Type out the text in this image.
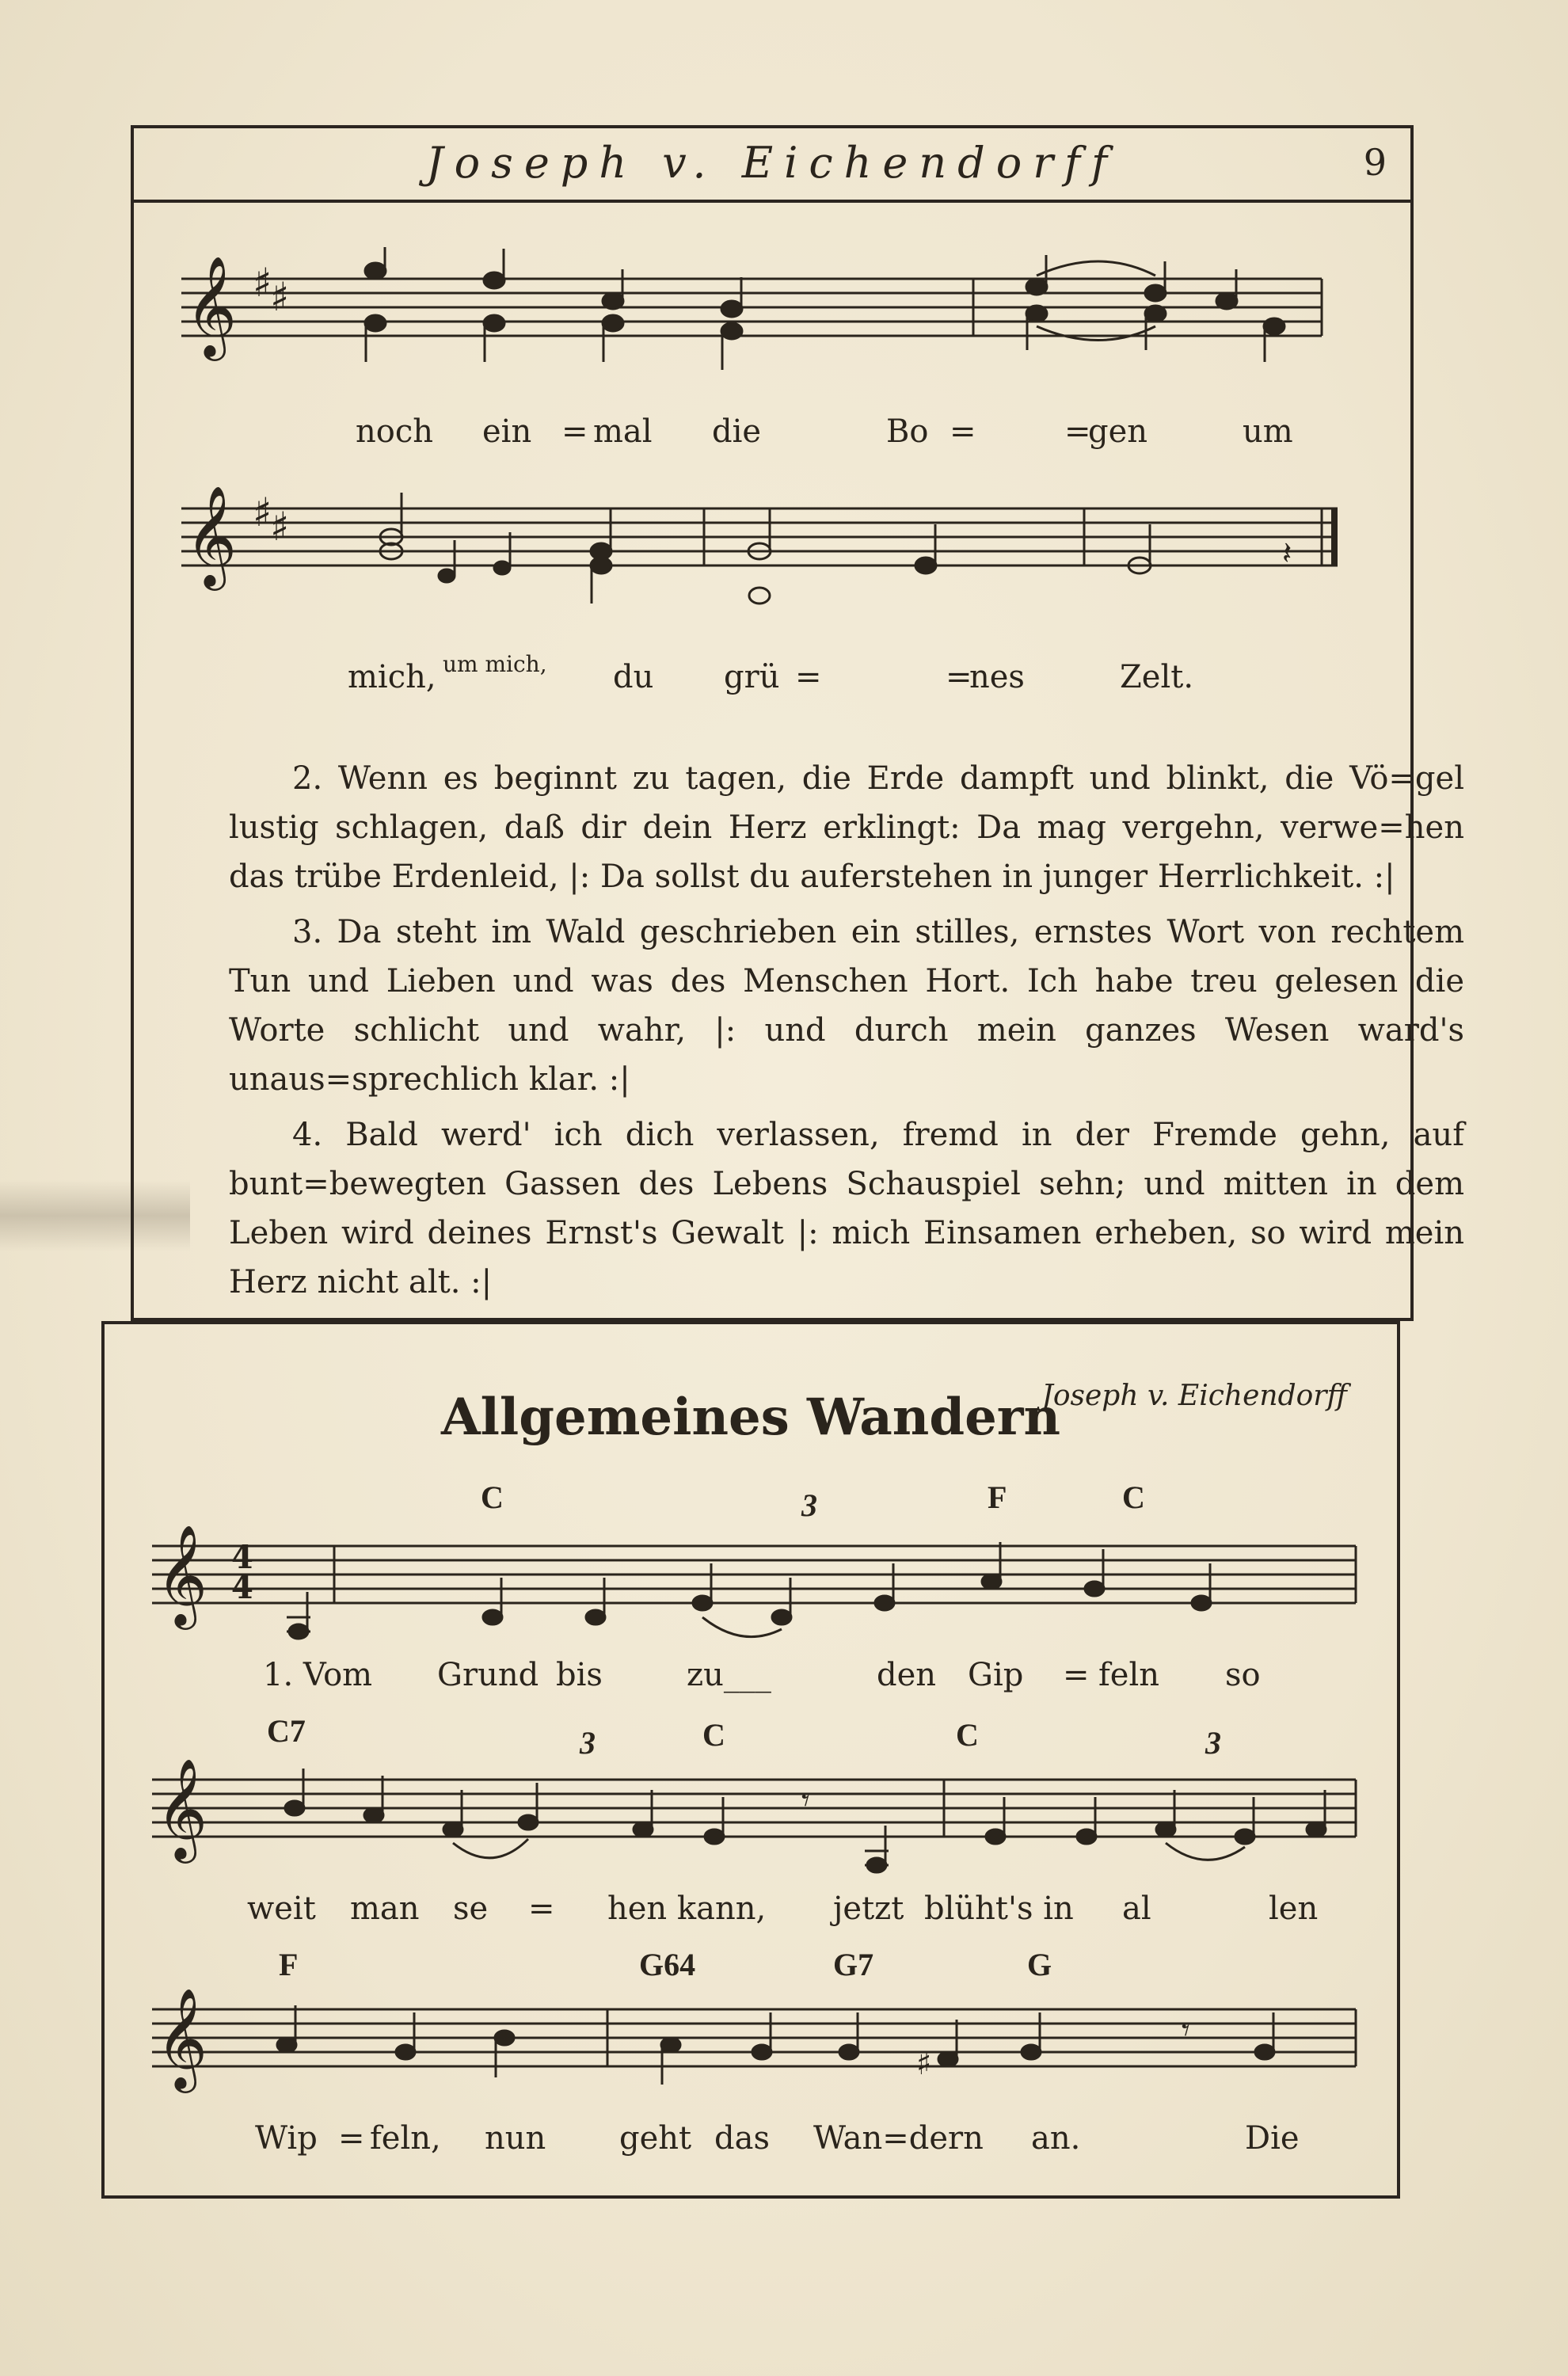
Joseph v. Eichendorff	9
𝄞 ♯
♯
noch ein = mal die	Bo =	=
gen	um
𝄞 ♯
♯
𝄽
mich, um mich, du grü =	=
nes	Zelt.

2. Wenn es beginnt zu tagen, die Erde dampft und blinkt, die Vö=gel lustig schlagen, daß dir dein Herz erklingt: Da mag vergehn, verwe=hen das trübe Erdenleid, |: Da sollst du auferstehen in junger Herrlichkeit. :|

3. Da steht im Wald geschrieben ein stilles, ernstes Wort von rechtem Tun und Lieben und was des Menschen Hort. Ich habe treu gelesen die Worte schlicht und wahr, |: und durch mein ganzes Wesen ward's unaus=sprechlich klar. :|

4. Bald werd' ich dich verlassen, fremd in der Fremde gehn, auf bunt=bewegten Gassen des Lebens Schauspiel sehn; und mitten in dem Leben wird deines Ernst's Gewalt |: mich Einsamen erheben, so wird mein Herz nicht alt. :|

Joseph v. Eichendorff
Allgemeines Wandern
C	3	F	C
𝄞 4
4
1. Vom Grund bis	zu___	den Gip = feln so
C7	3	C	C	3
𝄞	𝄾
weit man se = hen kann, jetzt blüht's in al	len
F	G64	G7	G
𝄞	♯
𝄾
Wip = feln, nun geht das Wan=dern an.	Die
